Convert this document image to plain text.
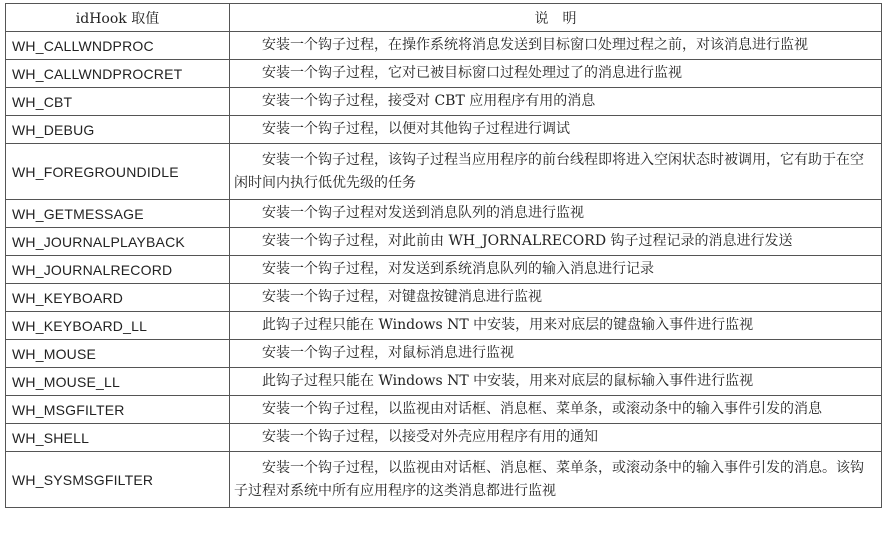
idHook 取值	说　明
WH_CALLWNDPROC	安装一个钩子过程，在操作系统将消息发送到目标窗口处理过程之前，对该消息进行监视
WH_CALLWNDPROCRET	安装一个钩子过程，它对已被目标窗口过程处理过了的消息进行监视
WH_CBT	安装一个钩子过程，接受对 CBT 应用程序有用的消息
WH_DEBUG	安装一个钩子过程，以便对其他钩子过程进行调试
WH_FOREGROUNDIDLE	安装一个钩子过程，该钩子过程当应用程序的前台线程即将进入空闲状态时被调用，它有助于在空闲时间内执行低优先级的任务
WH_GETMESSAGE	安装一个钩子过程对发送到消息队列的消息进行监视
WH_JOURNALPLAYBACK	安装一个钩子过程，对此前由 WH_JORNALRECORD 钩子过程记录的消息进行发送
WH_JOURNALRECORD	安装一个钩子过程，对发送到系统消息队列的输入消息进行记录
WH_KEYBOARD	安装一个钩子过程，对键盘按键消息进行监视
WH_KEYBOARD_LL	此钩子过程只能在 Windows NT 中安装，用来对底层的键盘输入事件进行监视
WH_MOUSE	安装一个钩子过程，对鼠标消息进行监视
WH_MOUSE_LL	此钩子过程只能在 Windows NT 中安装，用来对底层的鼠标输入事件进行监视
WH_MSGFILTER	安装一个钩子过程，以监视由对话框、消息框、菜单条，或滚动条中的输入事件引发的消息
WH_SHELL	安装一个钩子过程，以接受对外壳应用程序有用的通知
WH_SYSMSGFILTER	安装一个钩子过程，以监视由对话框、消息框、菜单条，或滚动条中的输入事件引发的消息。该钩子过程对系统中所有应用程序的这类消息都进行监视
